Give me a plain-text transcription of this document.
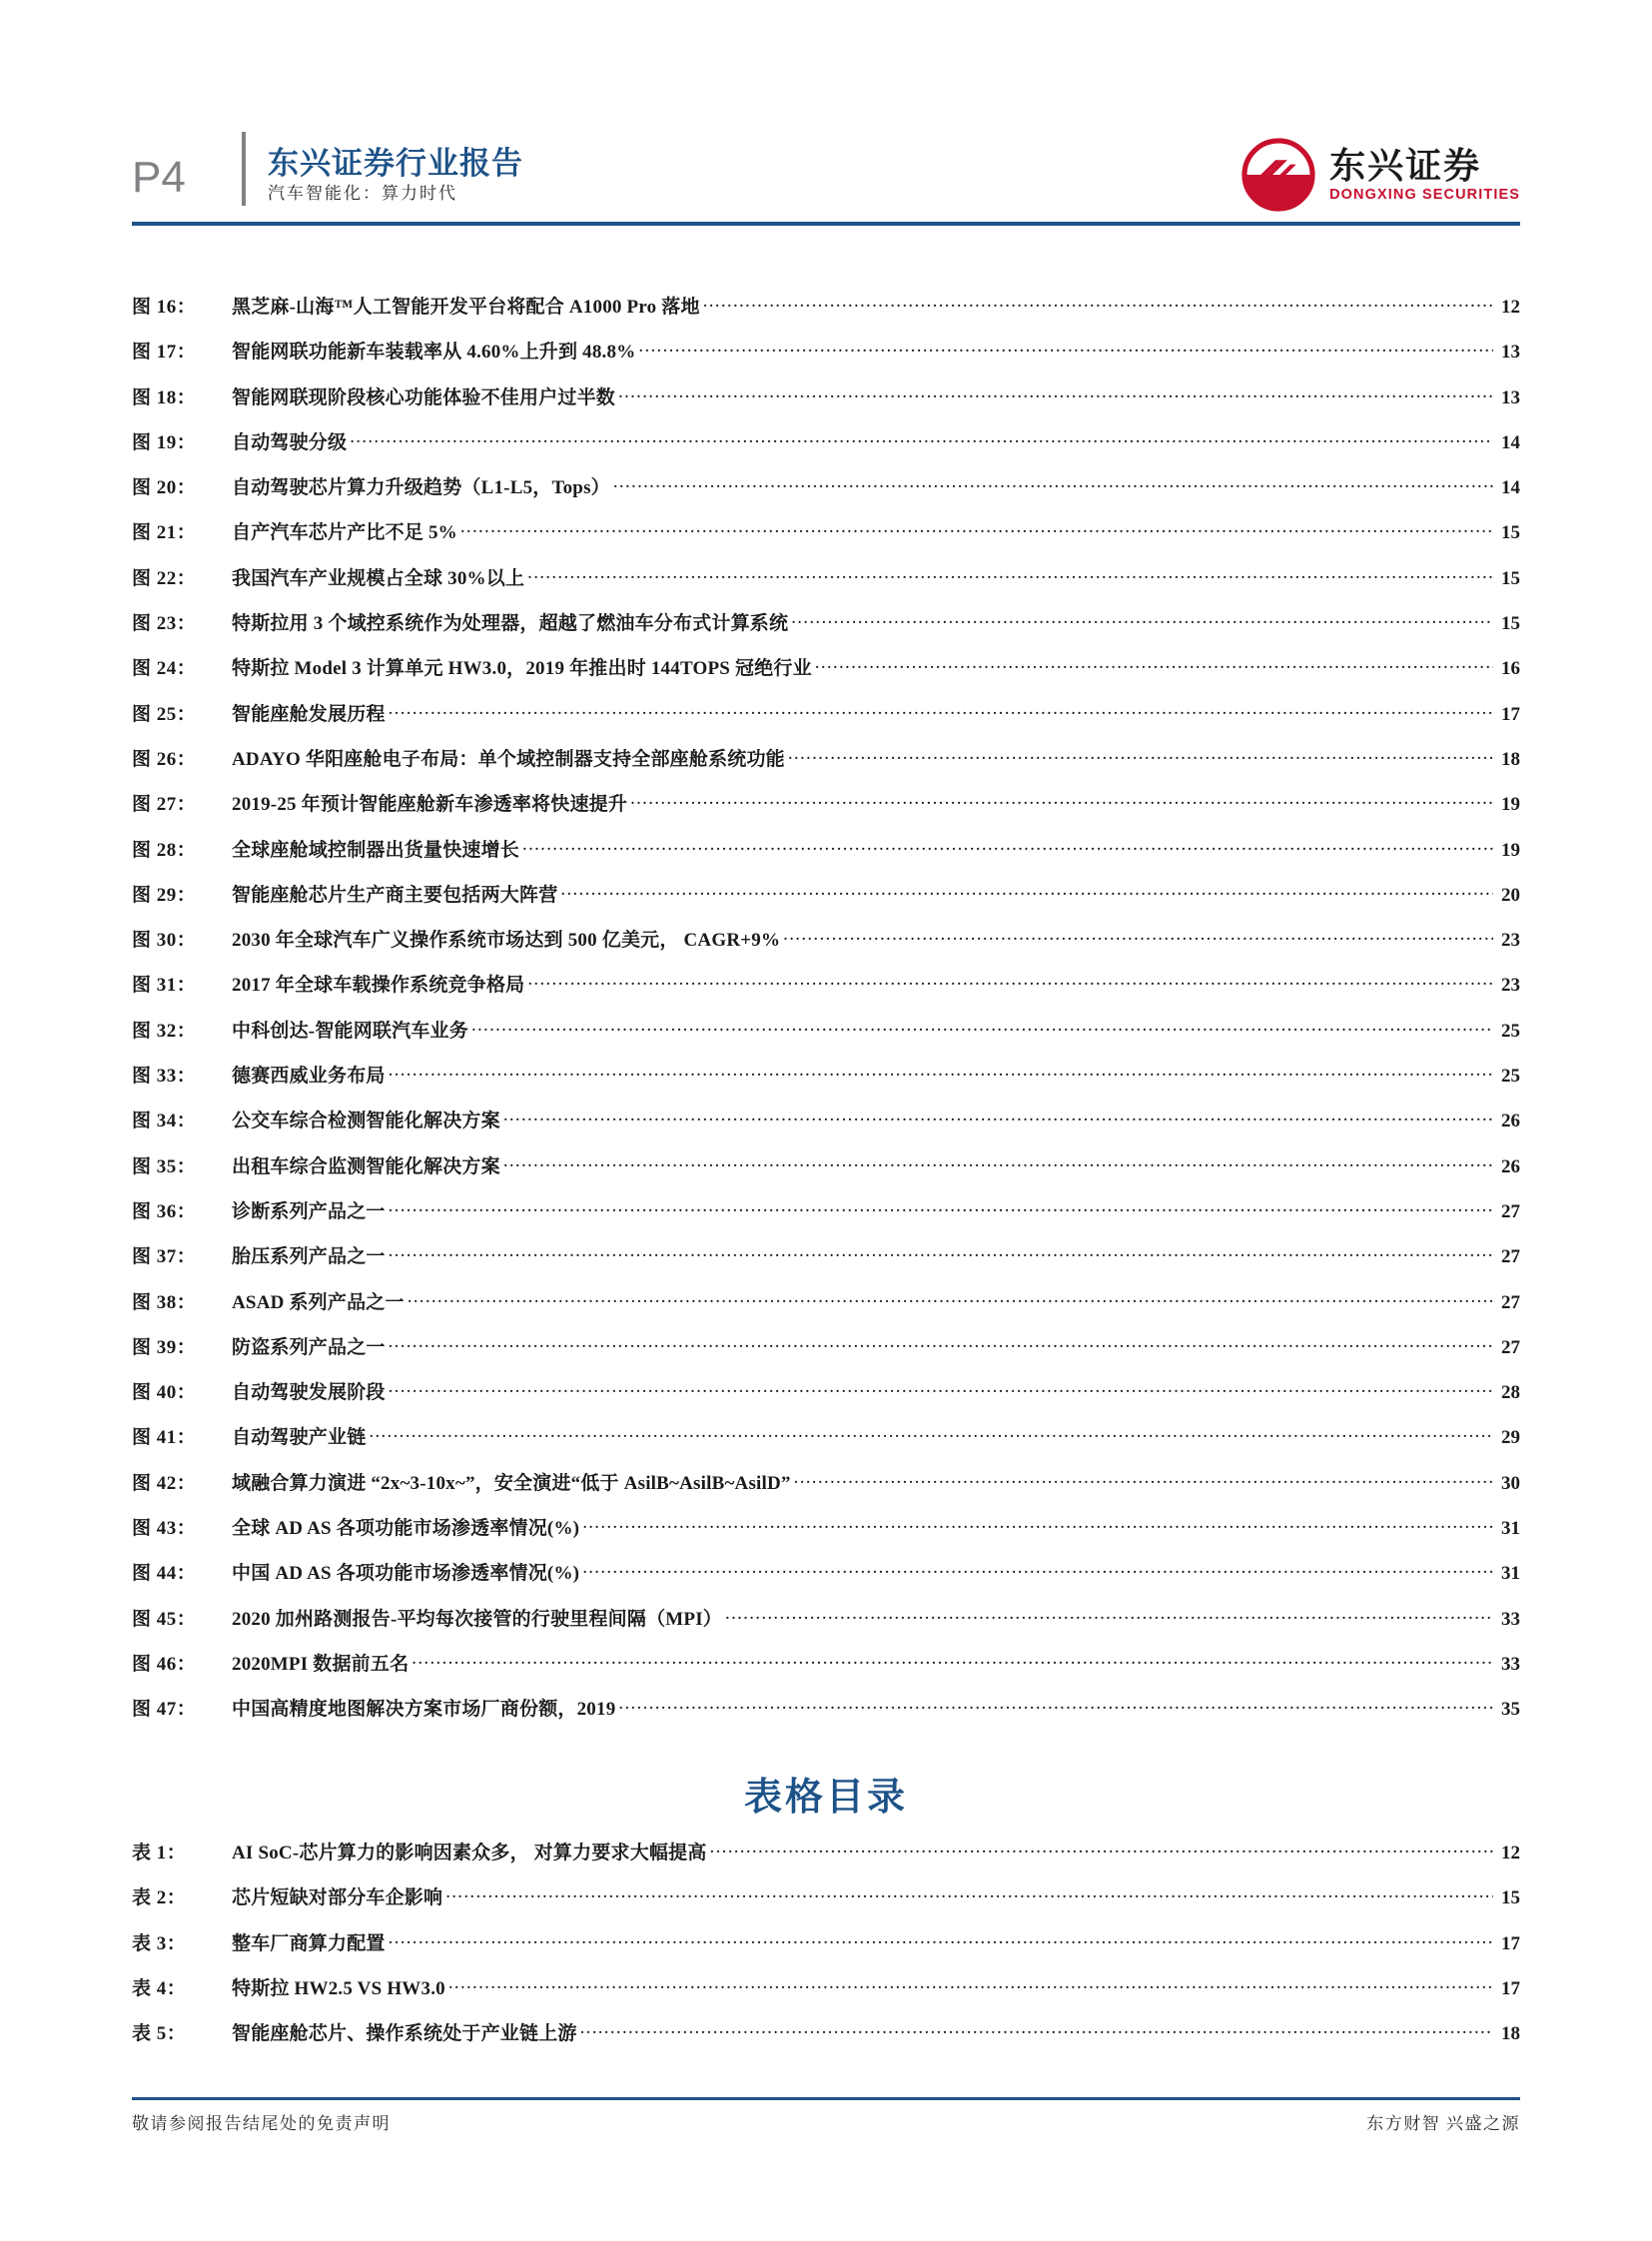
P4	东兴证券行业报告
汽车智能化：算力时代
东兴证券
DONGXING SECURITIES
图 16：	黑芝麻-山海™人工智能开发平台将配合 A1000 Pro 落地 .....	12
图 17：	智能网联功能新车装载率从 4.60%上升到 48.8% .....	13
图 18：	智能网联现阶段核心功能体验不佳用户过半数 .....	13
图 19：	自动驾驶分级 .....	14
图 20：	自动驾驶芯片算力升级趋势（L1-L5，Tops） .....	14
图 21：	自产汽车芯片产比不足 5% .....	15
图 22：	我国汽车产业规模占全球 30%以上 .....	15
图 23：	特斯拉用 3 个域控系统作为处理器，超越了燃油车分布式计算系统 .....	15
图 24：	特斯拉 Model 3 计算单元 HW3.0，2019 年推出时 144TOPS 冠绝行业 .....	16
图 25：	智能座舱发展历程 .....	17
图 26：	ADAYO 华阳座舱电子布局：单个域控制器支持全部座舱系统功能 .....	18
图 27：	2019-25 年预计智能座舱新车渗透率将快速提升 .....	19
图 28：	全球座舱域控制器出货量快速增长 .....	19
图 29：	智能座舱芯片生产商主要包括两大阵营 .....	20
图 30：	2030 年全球汽车广义操作系统市场达到 500 亿美元， CAGR+9% .....	23
图 31：	2017 年全球车载操作系统竞争格局 .....	23
图 32：	中科创达-智能网联汽车业务 .....	25
图 33：	德赛西威业务布局 .....	25
图 34：	公交车综合检测智能化解决方案 .....	26
图 35：	出租车综合监测智能化解决方案 .....	26
图 36：	诊断系列产品之一 .....	27
图 37：	胎压系列产品之一 .....	27
图 38：	ASAD 系列产品之一 .....	27
图 39：	防盗系列产品之一 .....	27
图 40：	自动驾驶发展阶段 .....	28
图 41：	自动驾驶产业链 .....	29
图 42：	域融合算力演进 “2x~3-10x~”，安全演进“低于 AsilB~AsilB~AsilD” .....	30
图 43：	全球 AD AS 各项功能市场渗透率情况(%) .....	31
图 44：	中国 AD AS 各项功能市场渗透率情况(%) .....	31
图 45：	2020 加州路测报告-平均每次接管的行驶里程间隔（MPI） .....	33
图 46：	2020MPI 数据前五名 .....	33
图 47：	中国高精度地图解决方案市场厂商份额，2019 .....	35
表格目录
表 1：	AI SoC-芯片算力的影响因素众多， 对算力要求大幅提高 .....	12
表 2：	芯片短缺对部分车企影响 .....	15
表 3：	整车厂商算力配置 .....	17
表 4：	特斯拉 HW2.5 VS HW3.0 .....	17
表 5：	智能座舱芯片、操作系统处于产业链上游 .....	18
敬请参阅报告结尾处的免责声明	东方财智 兴盛之源
